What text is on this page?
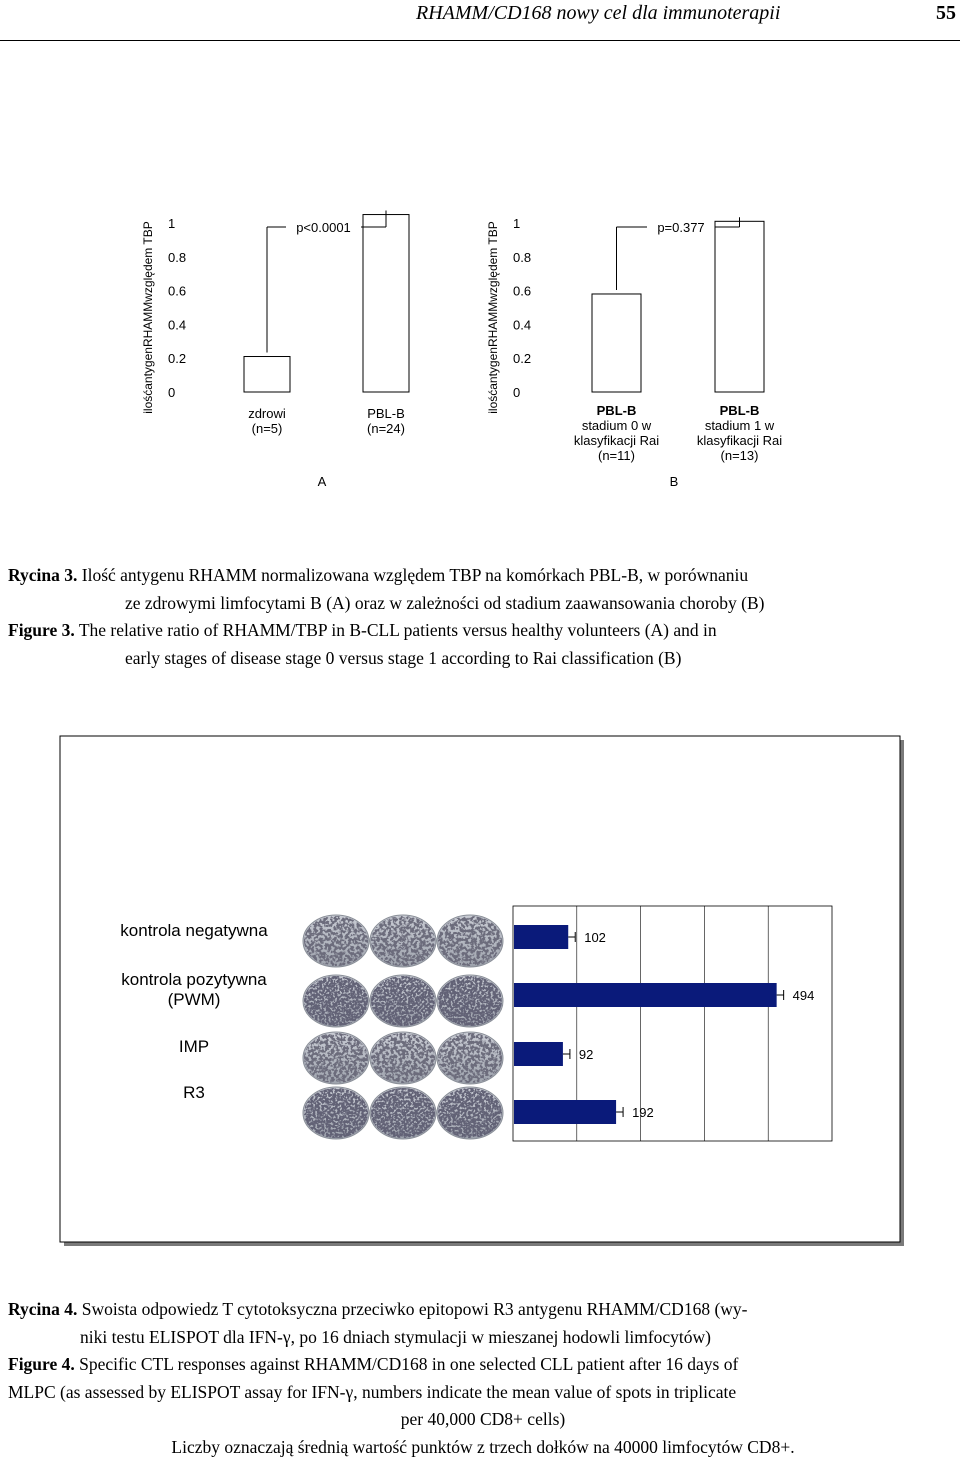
RHAMM/CD168 nowy cel dla immunoterapii	55
ilośćantygenRHAMMwzględem TBP 0
0.2
0.4
0.6
0.8
1	p<0.0001
zdrowi
(n=5)
PBL-B
(n=24)
A
ilośćantygenRHAMMwzględem TBP 0
0.2
0.4
0.6
0.8
1	p=0.377
PBL-B
stadium 0 w
klasyfikacji Rai
(n=11)
PBL-B
stadium 1 w
klasyfikacji Rai
(n=13)
B
Rycina 3. Ilość antygenu RHAMM normalizowana względem TBP na komórkach PBL-B, w porównaniu
ze zdrowymi limfocytami B (A) oraz w zależności od stadium zaawansowania choroby (B)
Figure 3. The relative ratio of RHAMM/TBP in B-CLL patients versus healthy volunteers (A) and in
early stages of disease stage 0 versus stage 1 according to Rai classification (B)
kontrola negatywna
kontrola pozytywna
(PWM)
IMP
R3
102
494
92
192
Rycina 4. Swoista odpowiedz T cytotoksyczna przeciwko epitopowi R3 antygenu RHAMM/CD168 (wy-
niki testu ELISPOT dla IFN-γ, po 16 dniach stymulacji w mieszanej hodowli limfocytów)
Figure 4. Specific CTL responses against RHAMM/CD168 in one selected CLL patient after 16 days of
MLPC (as assessed by ELISPOT assay for IFN-γ, numbers indicate the mean value of spots in triplicate
per 40,000 CD8+ cells)
Liczby oznaczają średnią wartość punktów z trzech dołków na 40000 limfocytów CD8+.
